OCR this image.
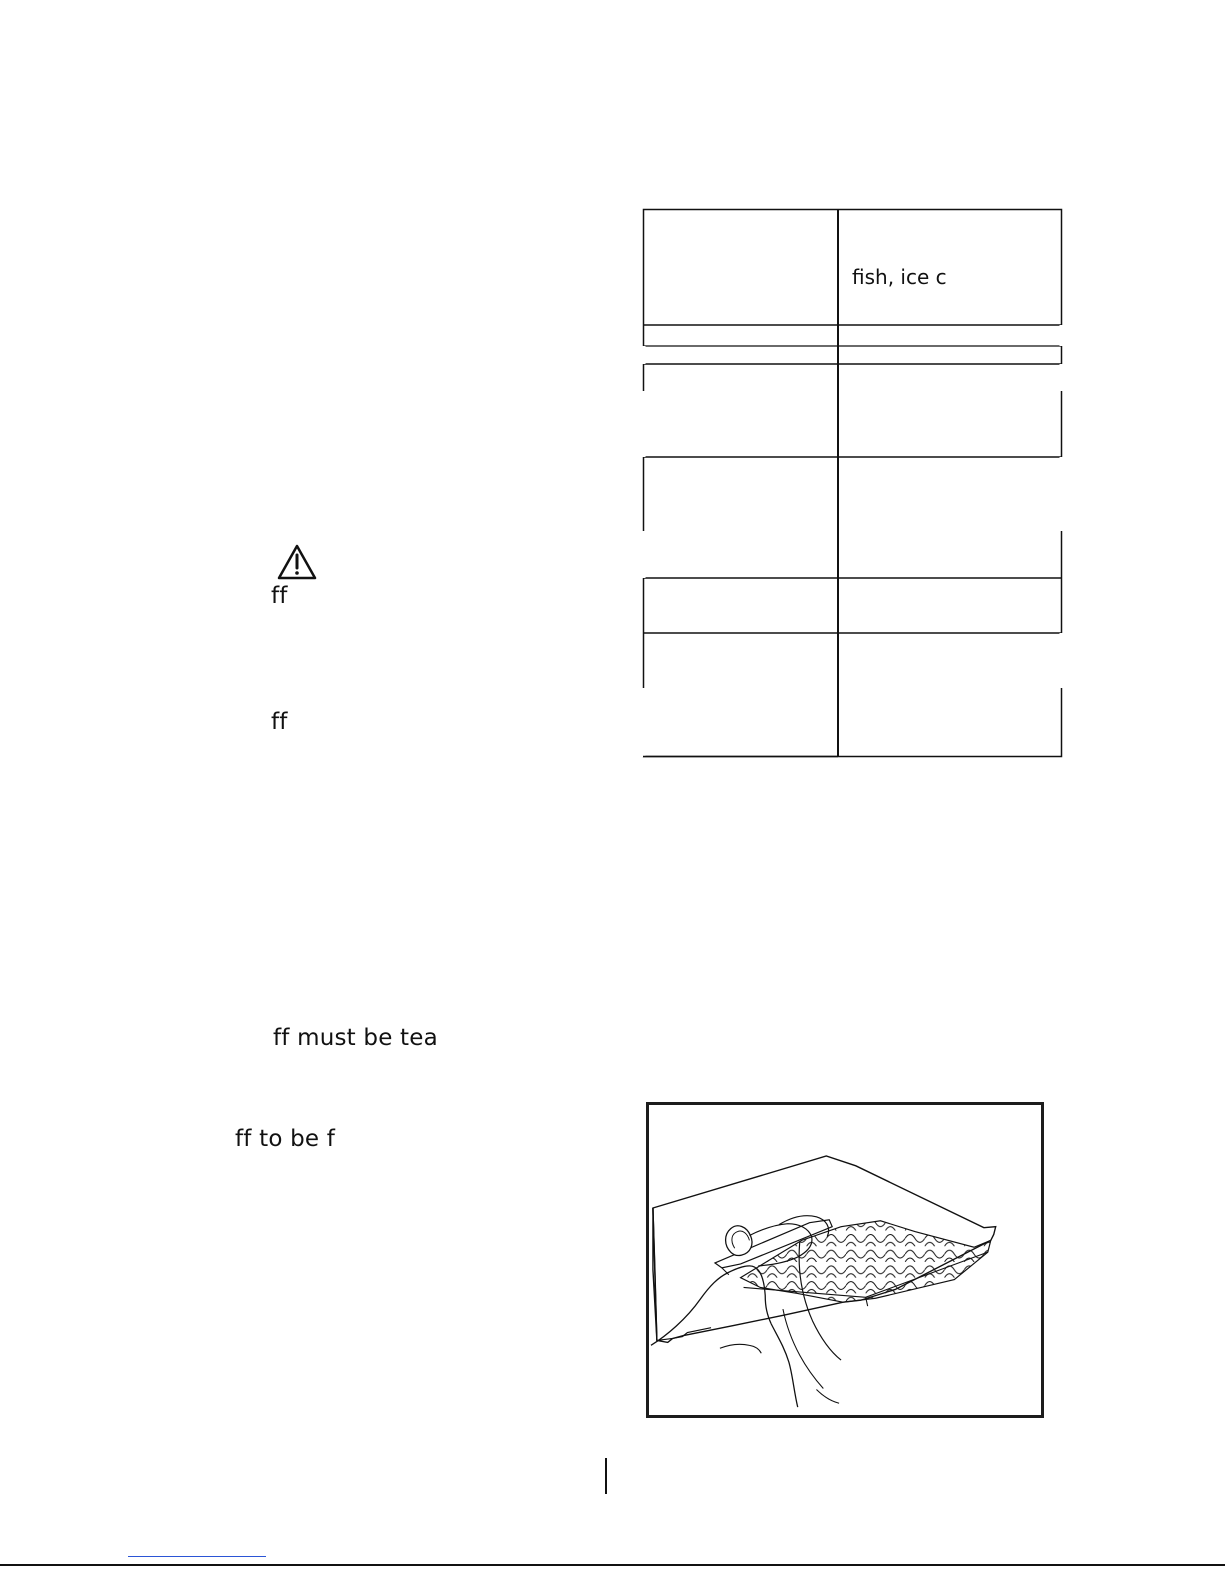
ff
ff
ff must be tea
ff to be f
fish, ice c
